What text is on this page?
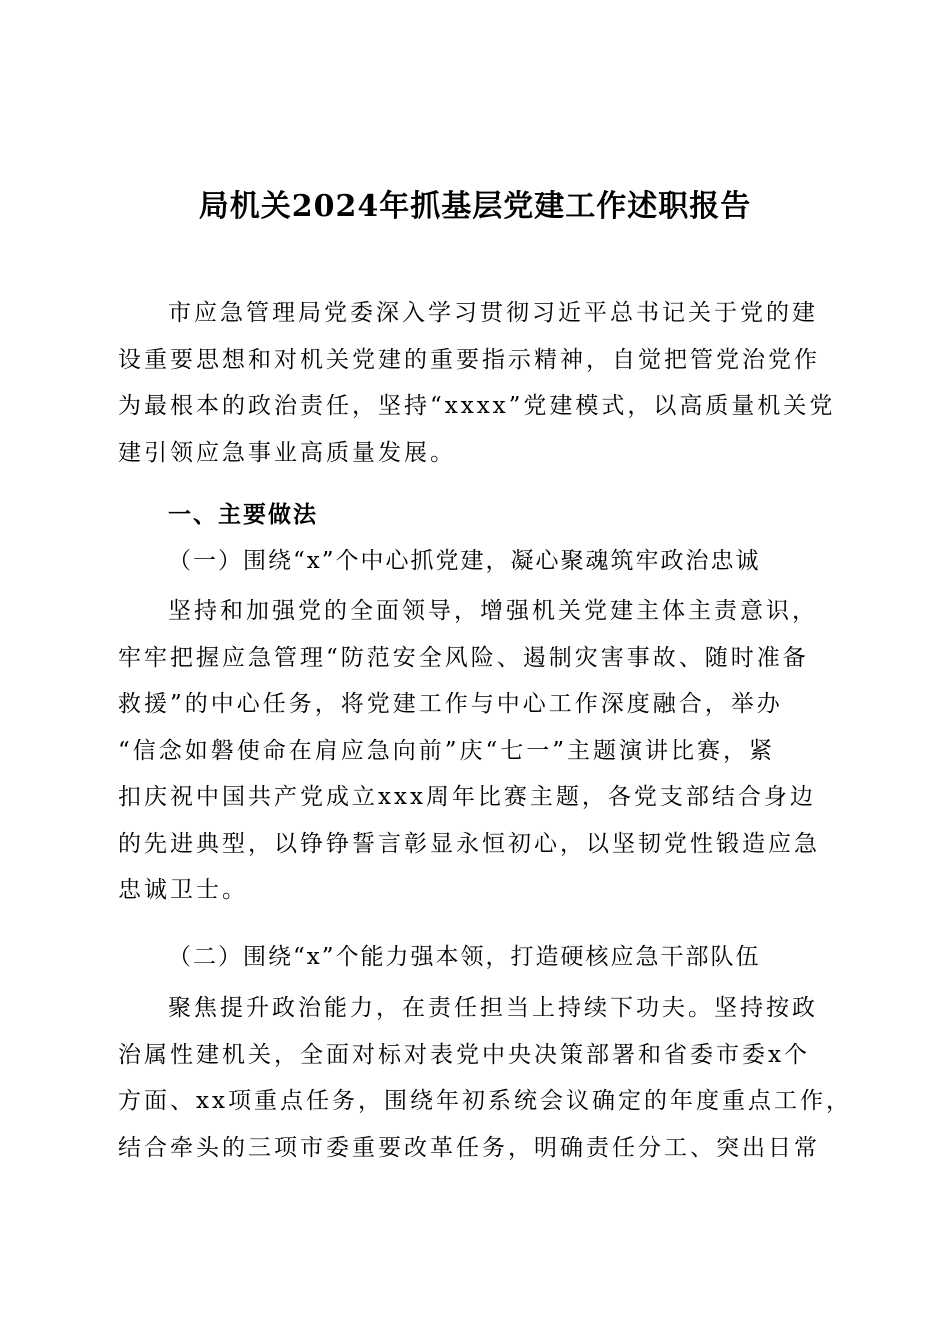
局机关2024年抓基层党建工作述职报告
市应急管理局党委深入学习贯彻习近平总书记关于党的建
设重要思想和对机关党建的重要指示精神，自觉把管党治党作
为最根本的政治责任，坚持“xxxx”党建模式，以高质量机关党
建引领应急事业高质量发展。
一、主要做法
（一）围绕“x”个中心抓党建，凝心聚魂筑牢政治忠诚
坚持和加强党的全面领导，增强机关党建主体主责意识，
牢牢把握应急管理“防范安全风险、遏制灾害事故、随时准备
救援”的中心任务，将党建工作与中心工作深度融合，举办
“信念如磐使命在肩应急向前”庆“七一”主题演讲比赛，紧
扣庆祝中国共产党成立xxx周年比赛主题，各党支部结合身边
的先进典型，以铮铮誓言彰显永恒初心，以坚韧党性锻造应急
忠诚卫士。
（二）围绕“x”个能力强本领，打造硬核应急干部队伍
聚焦提升政治能力，在责任担当上持续下功夫。坚持按政
治属性建机关，全面对标对表党中央决策部署和省委市委x个
方面、xx项重点任务，围绕年初系统会议确定的年度重点工作，
结合牵头的三项市委重要改革任务，明确责任分工、突出日常
